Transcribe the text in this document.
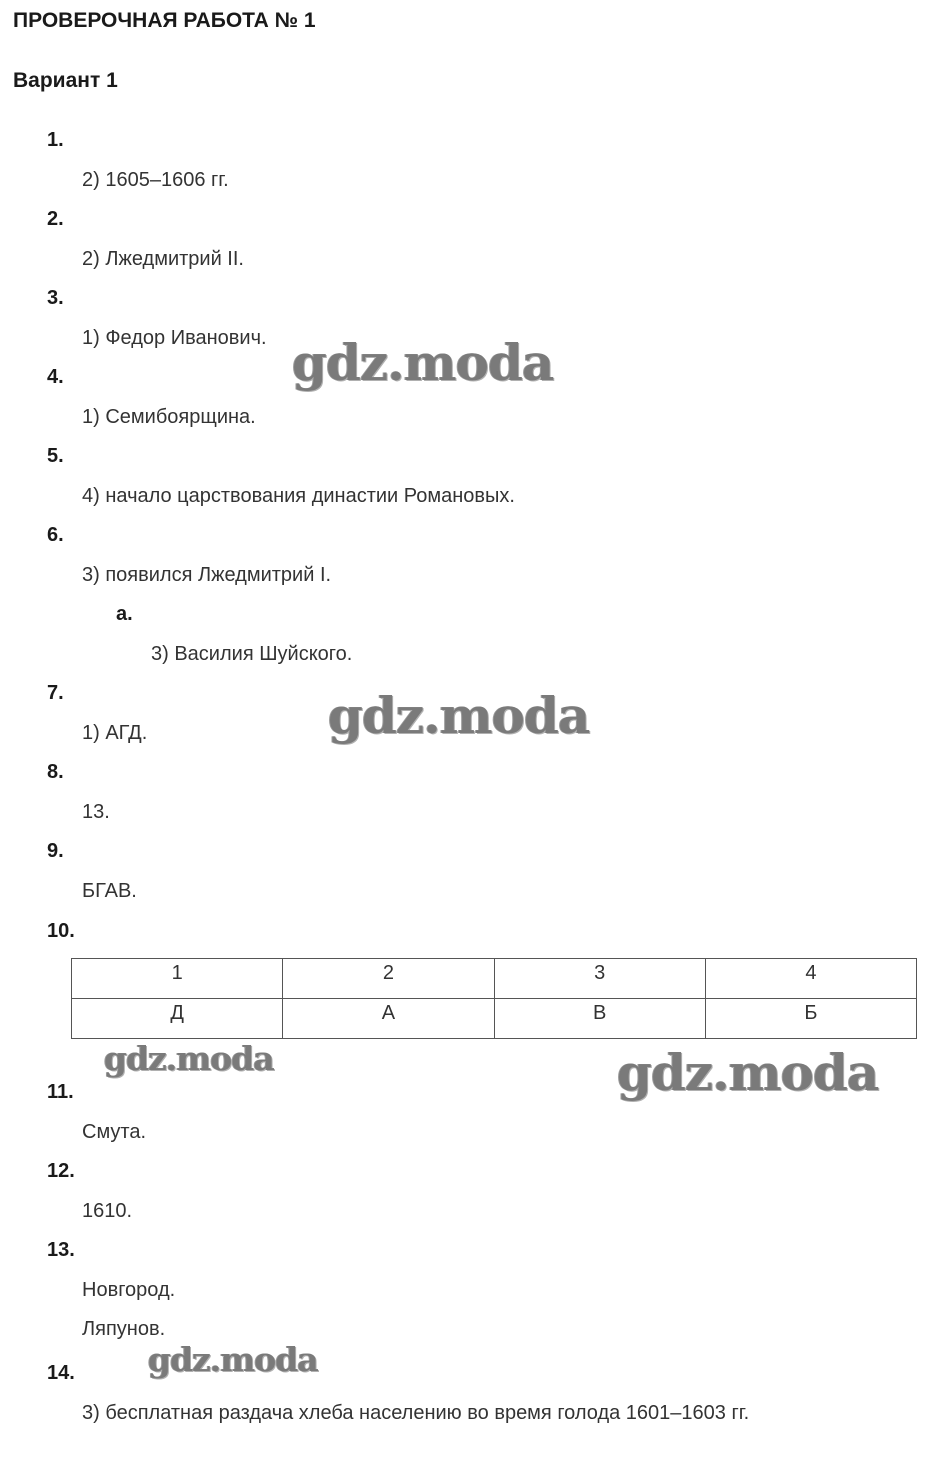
ПРОВЕРОЧНАЯ РАБОТА № 1
Вариант 1
1.
2) 1605–1606 гг.
2.
2) Лжедмитрий II.
3.
1) Федор Иванович.
4.
1) Семибоярщина.
5.
4) начало царствования династии Романовых.
6.
3) появился Лжедмитрий I.
а.
3) Василия Шуйского.
7.
1) АГД.
8.
13.
9.
БГАВ.
10.
1	2	3	4
Д	А	В	Б
11.
Смута.
12.
1610.
13.
Новгород.
Ляпунов.
14.
3) бесплатная раздача хлеба населению во время голода 1601–1603 гг.
gdz.moda
gdz.moda
gdz.moda	gdz.moda
gdz.moda
